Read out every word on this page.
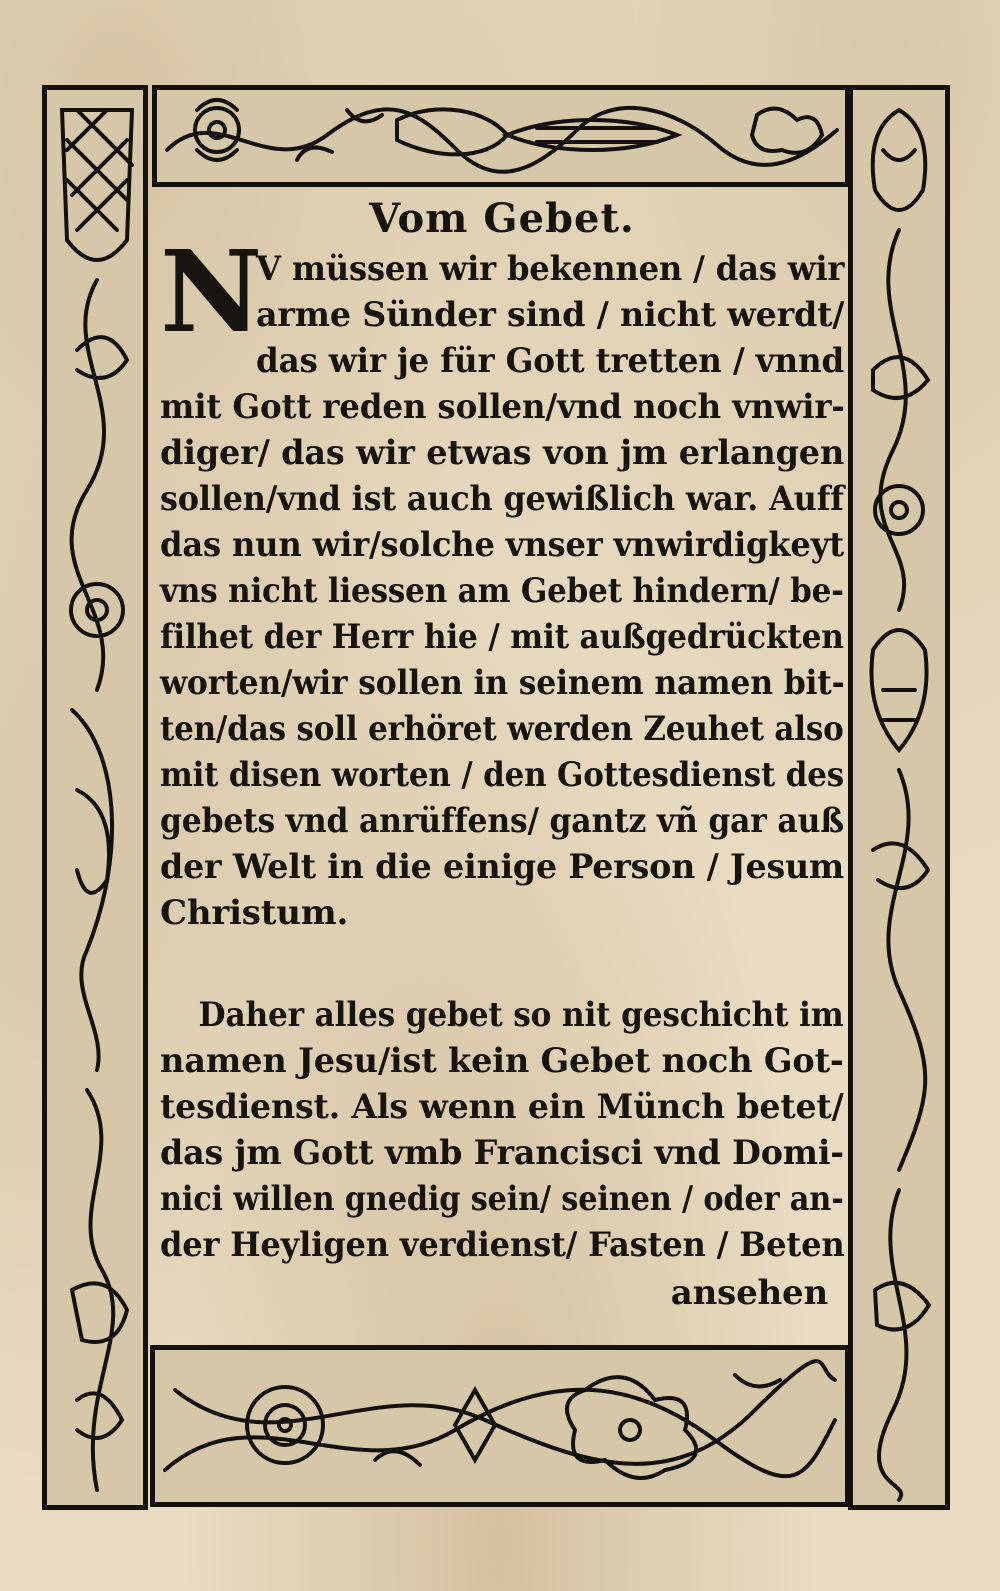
Vom Gebet.
N
V müssen wir bekennen / das wir
arme Sünder sind / nicht werdt/
das wir je für Gott tretten / vnnd
mit Gott reden sollen/vnd noch vnwir-
diger/ das wir etwas von jm erlangen
sollen/vnd ist auch gewißlich war. Auff
das nun wir/solche vnser vnwirdigkeyt
vns nicht liessen am Gebet hindern/ be-
filhet der Herr hie / mit außgedrückten
worten/wir sollen in seinem namen bit-
ten/das soll erhöret werden Zeuhet also
mit disen worten / den Gottesdienst des
gebets vnd anrüffens/ gantz vñ gar auß
der Welt in die einige Person / Jesum
Christum.
Daher alles gebet so nit geschicht im
namen Jesu/ist kein Gebet noch Got-
tesdienst. Als wenn ein Münch betet/
das jm Gott vmb Francisci vnd Domi-
nici willen gnedig sein/ seinen / oder an-
der Heyligen verdienst/ Fasten / Beten
ansehen
